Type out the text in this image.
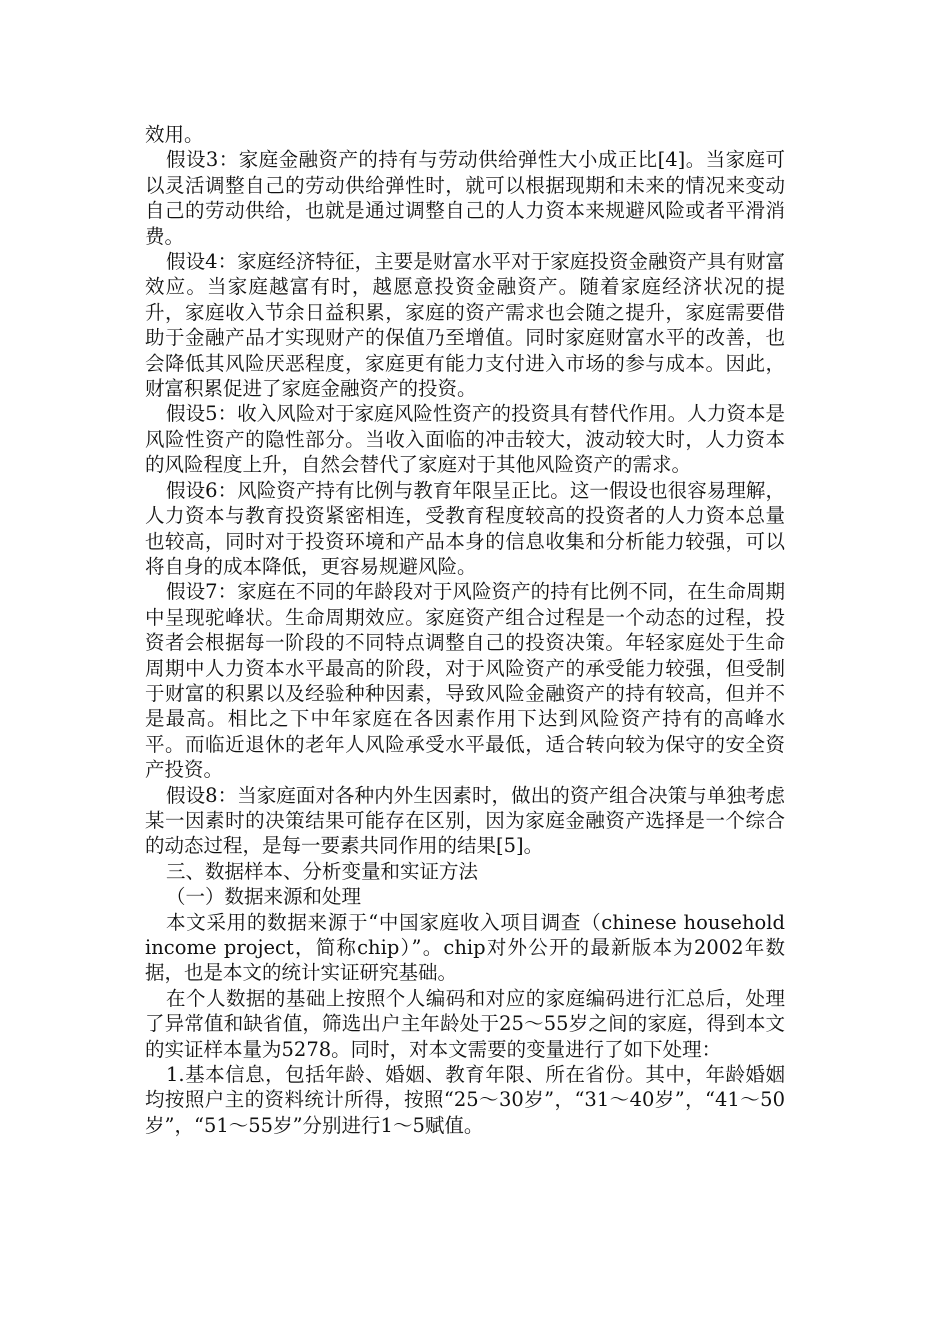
效用。

假设3：家庭金融资产的持有与劳动供给弹性大小成正比[4]。当家庭可以灵活调整自己的劳动供给弹性时，就可以根据现期和未来的情况来变动自己的劳动供给，也就是通过调整自己的人力资本来规避风险或者平滑消费。

假设4：家庭经济特征，主要是财富水平对于家庭投资金融资产具有财富效应。当家庭越富有时，越愿意投资金融资产。随着家庭经济状况的提升，家庭收入节余日益积累，家庭的资产需求也会随之提升，家庭需要借助于金融产品才实现财产的保值乃至增值。同时家庭财富水平的改善，也会降低其风险厌恶程度，家庭更有能力支付进入市场的参与成本。因此，财富积累促进了家庭金融资产的投资。

假设5：收入风险对于家庭风险性资产的投资具有替代作用。人力资本是风险性资产的隐性部分。当收入面临的冲击较大，波动较大时，人力资本的风险程度上升，自然会替代了家庭对于其他风险资产的需求。

假设6：风险资产持有比例与教育年限呈正比。这一假设也很容易理解，人力资本与教育投资紧密相连，受教育程度较高的投资者的人力资本总量也较高，同时对于投资环境和产品本身的信息收集和分析能力较强，可以将自身的成本降低，更容易规避风险。

假设7：家庭在不同的年龄段对于风险资产的持有比例不同，在生命周期中呈现驼峰状。生命周期效应。家庭资产组合过程是一个动态的过程，投资者会根据每一阶段的不同特点调整自己的投资决策。年轻家庭处于生命周期中人力资本水平最高的阶段，对于风险资产的承受能力较强，但受制于财富的积累以及经验种种因素，导致风险金融资产的持有较高，但并不是最高。相比之下中年家庭在各因素作用下达到风险资产持有的高峰水平。而临近退休的老年人风险承受水平最低，适合转向较为保守的安全资产投资。

假设8：当家庭面对各种内外生因素时，做出的资产组合决策与单独考虑某一因素时的决策结果可能存在区别，因为家庭金融资产选择是一个综合的动态过程，是每一要素共同作用的结果[5]。

三、数据样本、分析变量和实证方法

（一）数据来源和处理

本文采用的数据来源于“中国家庭收入项目调查（chinese household income project，简称chip）”。chip对外公开的最新版本为2002年数据，也是本文的统计实证研究基础。

在个人数据的基础上按照个人编码和对应的家庭编码进行汇总后，处理了异常值和缺省值，筛选出户主年龄处于25～55岁之间的家庭，得到本文的实证样本量为5278。同时，对本文需要的变量进行了如下处理：

1.基本信息，包括年龄、婚姻、教育年限、所在省份。其中，年龄婚姻均按照户主的资料统计所得，按照“25～30岁”，“31～40岁”，“41～50岁”，“51～55岁”分别进行1～5赋值。
